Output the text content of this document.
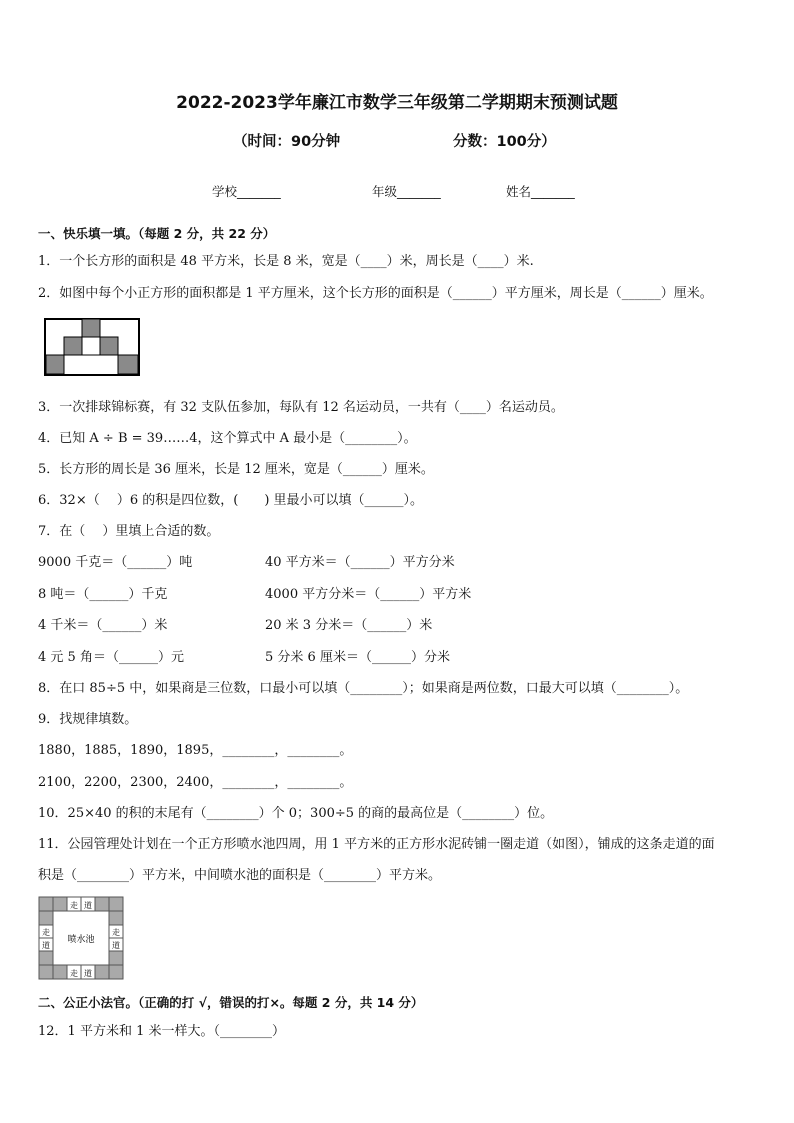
2022-2023学年廉江市数学三年级第二学期期末预测试题
（时间：90分钟	分数：100分）
学校_______	年级_______	姓名_______
一、快乐填一填。（每题 2 分，共 22 分）
1．一个长方形的面积是 48 平方米，长是 8 米，宽是（____）米，周长是（____）米.
2．如图中每个小正方形的面积都是 1 平方厘米，这个长方形的面积是（______）平方厘米，周长是（______）厘米。
3．一次排球锦标赛，有 32 支队伍参加，每队有 12 名运动员，一共有（____）名运动员。
4．已知 A ÷ B = 39……4，这个算式中 A 最小是（________）。
5．长方形的周长是 36 厘米，长是 12 厘米，宽是（______）厘米。
6．32×（　 ）6 的积是四位数，(　　) 里最小可以填（______）。
7．在（　 ）里填上合适的数。
9000 千克＝（______）吨	40 平方米＝（______）平方分米
8 吨＝（______）千克	4000 平方分米＝（______）平方米
4 千米＝（______）米	20 米 3 分米＝（______）米
4 元 5 角＝（______）元	5 分米 6 厘米＝（______）分米
8．在口 85÷5 中，如果商是三位数，口最小可以填（________）；如果商是两位数，口最大可以填（________）。
9．找规律填数。
1880，1885，1890，1895，________，________。
2100，2200，2300，2400，________，________。
10．25×40 的积的末尾有（________）个 0；300÷5 的商的最高位是（________）位。
11．公园管理处计划在一个正方形喷水池四周，用 1 平方米的正方形水泥砖铺一圈走道（如图），铺成的这条走道的面
积是（________）平方米，中间喷水池的面积是（________）平方米。
走 道
走 道
走
道
走
道
喷水池
二、公正小法官。（正确的打 √，错误的打×。每题 2 分，共 14 分）
12．1 平方米和 1 米一样大。（________）
